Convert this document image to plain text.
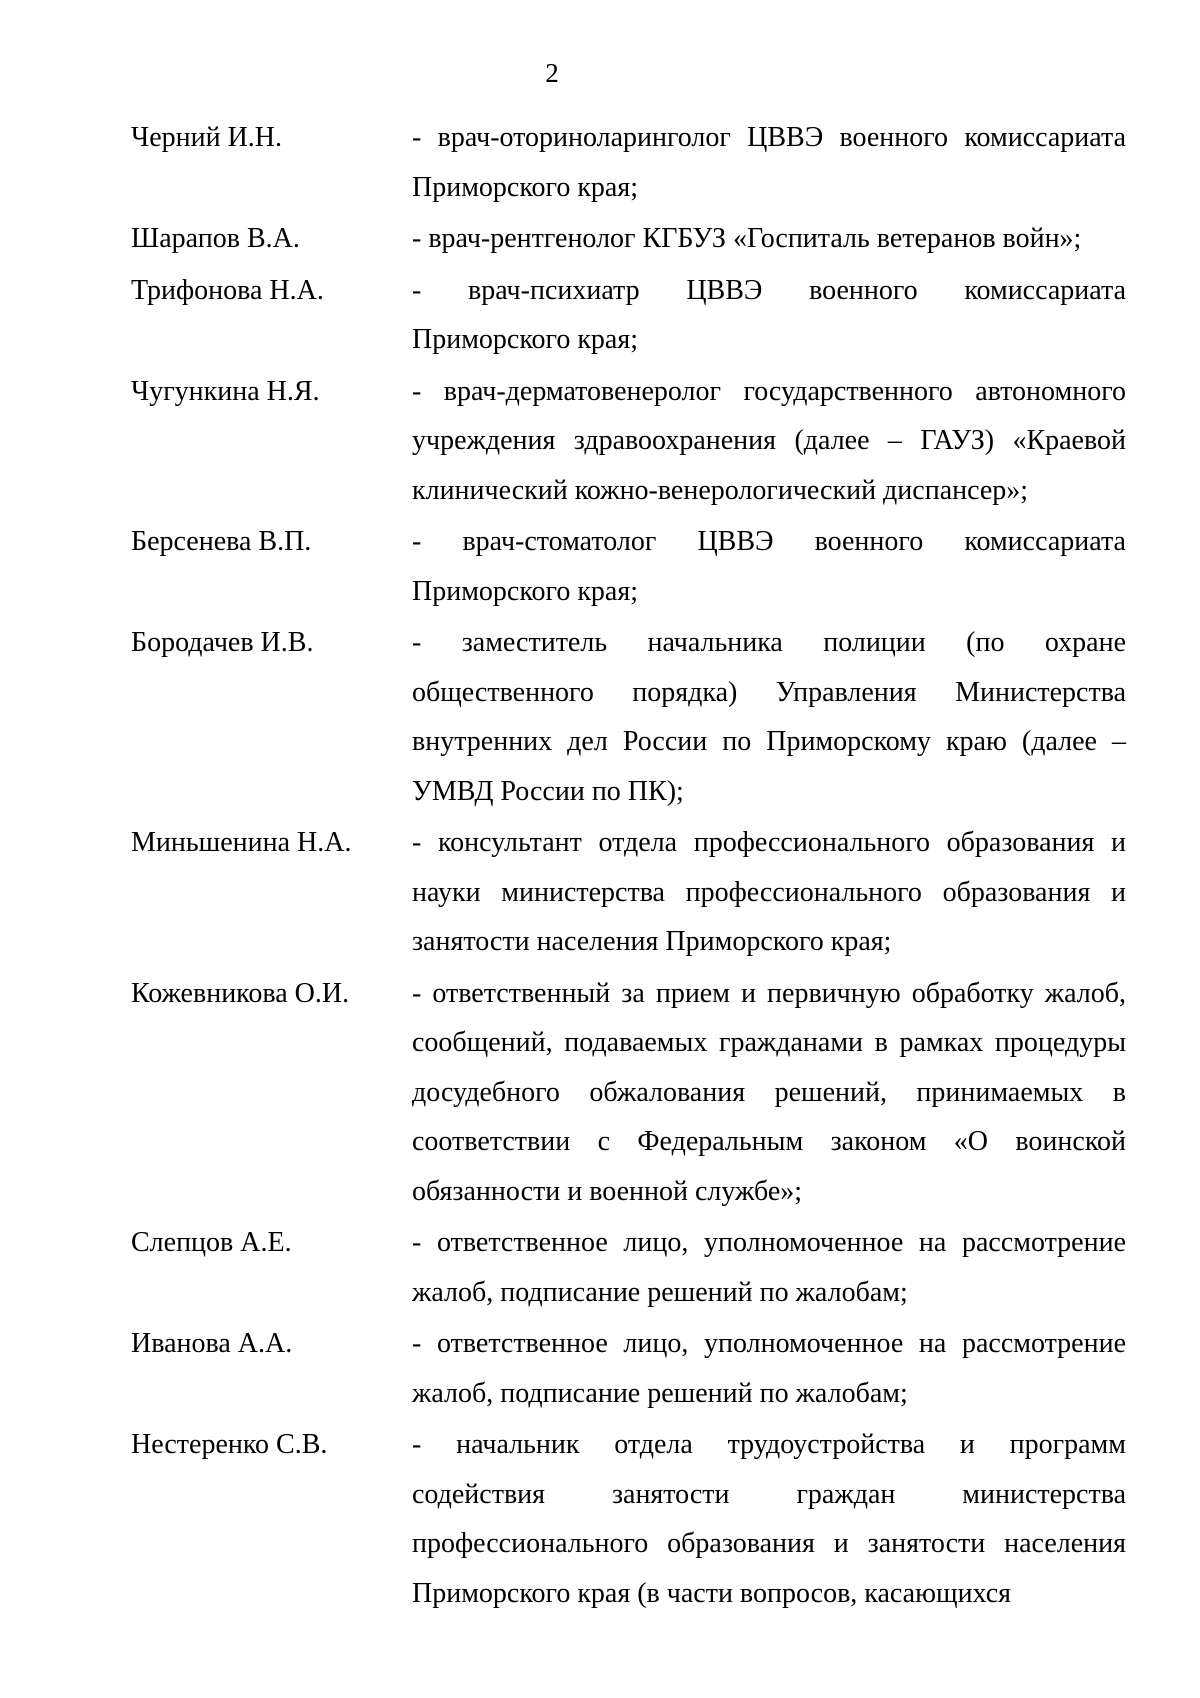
2
Черний И.Н.	- врач-оториноларинголог ЦВВЭ военного комиссариата Приморского края;
Шарапов В.А.	- врач-рентгенолог КГБУЗ «Госпиталь ветеранов войн»;
Трифонова Н.А.	- врач-психиатр ЦВВЭ военного комиссариата Приморского края;
Чугункина Н.Я.	- врач-дерматовенеролог государственного автономного учреждения здравоохранения (далее – ГАУЗ) «Краевой клинический кожно-венерологический диспансер»;
Берсенева В.П.	- врач-стоматолог ЦВВЭ военного комиссариата Приморского края;
Бородачев И.В.	- заместитель начальника полиции (по охране общественного порядка) Управления Министерства внутренних дел России по Приморскому краю (далее – УМВД России по ПК);
Миньшенина Н.А.	- консультант отдела профессионального образования и науки министерства профессионального образования и занятости населения Приморского края;
Кожевникова О.И.	- ответственный за прием и первичную обработку жалоб, сообщений, подаваемых гражданами в рамках процедуры досудебного обжалования решений, принимаемых в соответствии с Федеральным законом «О воинской обязанности и военной службе»;
Слепцов А.Е.	- ответственное лицо, уполномоченное на рассмотрение жалоб, подписание решений по жалобам;
Иванова А.А.	- ответственное лицо, уполномоченное на рассмотрение жалоб, подписание решений по жалобам;
Нестеренко С.В.	- начальник отдела трудоустройства и программ содействия занятости граждан министерства профессионального образования и занятости населения Приморского края (в части вопросов, касающихся
